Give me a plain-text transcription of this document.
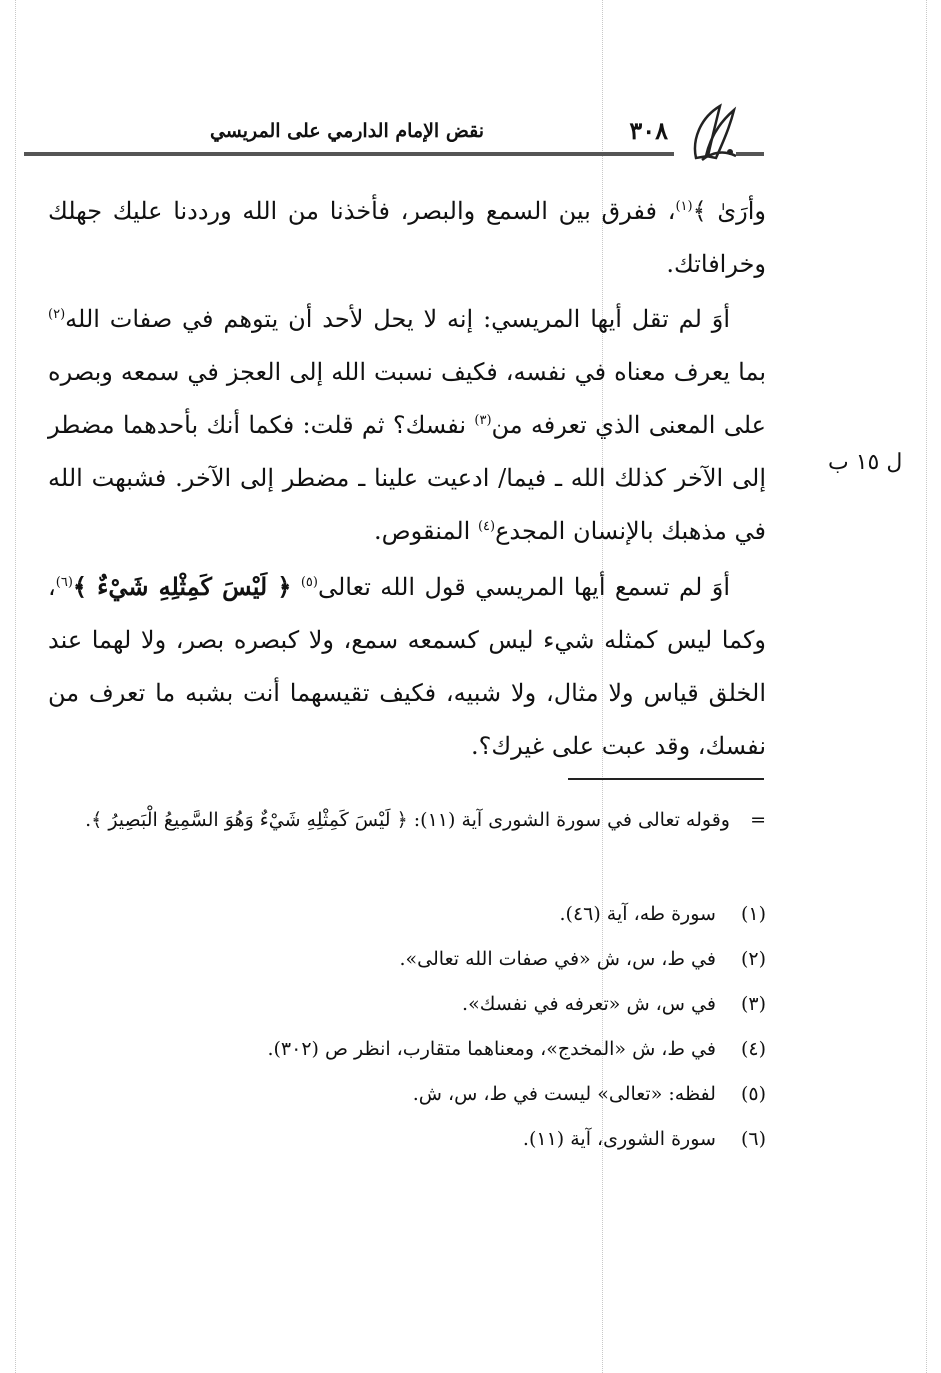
نقض الإمام الدارمي على المريسي	٣٠٨

وأرَىٰ ﴾$^{(١)}$، ففرق بين السمع والبصر، فأخذنا من الله ورددنا عليك جهلك وخرافاتك.

أوَ لم تقل أيها المريسي: إنه لا يحل لأحد أن يتوهم في صفات الله$^{(٢)}$ بما يعرف معناه في نفسه، فكيف نسبت الله إلى العجز في سمعه وبصره على المعنى الذي تعرفه من$^{(٣)}$ نفسك؟ ثم قلت: فكما أنك بأحدهما مضطر إلى الآخر كذلك الله ـ فيما/ ادعيت علينا ـ مضطر إلى الآخر. فشبهت الله في مذهبك بالإنسان المجدع$^{(٤)}$ المنقوص.

أوَ لم تسمع أيها المريسي قول الله تعالى$^{(٥)}$ ﴿ لَيْسَ كَمِثْلِهِ شَيْءٌ ﴾$^{(٦)}$، وكما ليس كمثله شيء ليس كسمعه سمع، ولا كبصره بصر، ولا لهما عند الخلق قياس ولا مثال، ولا شبيه، فكيف تقيسهما أنت بشبه ما تعرف من نفسك، وقد عبت على غيرك؟.

ل ١٥ ب
=
وقوله تعالى في سورة الشورى آية (١١): ﴿ لَيْسَ كَمِثْلِهِ شَيْءٌ وَهُوَ السَّمِيعُ الْبَصِيرُ ﴾.
(١) سورة طه، آية (٤٦).
(٢) في ط، س، ش «في صفات الله تعالى».
(٣) في س، ش «تعرفه في نفسك».
(٤) في ط، ش «المخدج»، ومعناهما متقارب، انظر ص (٣٠٢).
(٥) لفظه: «تعالى» ليست في ط، س، ش.
(٦) سورة الشورى، آية (١١).
